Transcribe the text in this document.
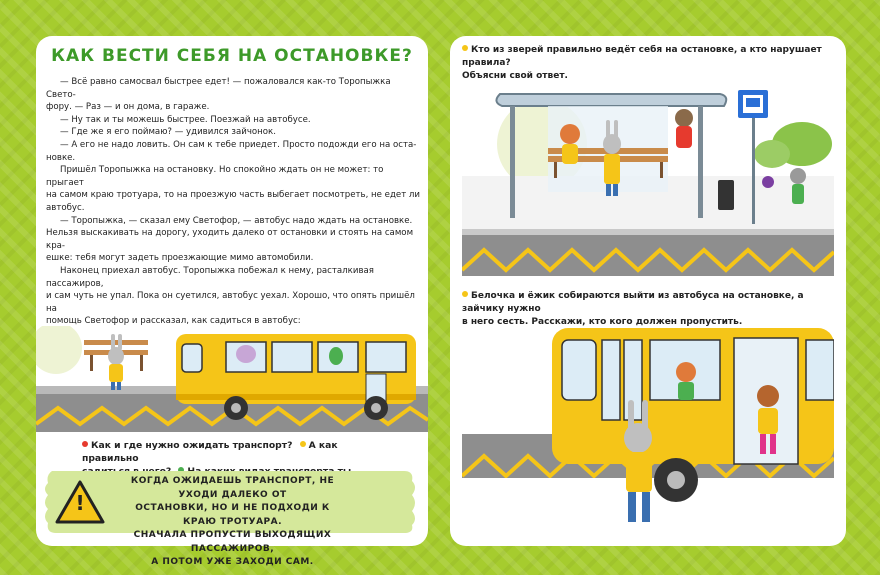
КАК ВЕСТИ СЕБЯ НА ОСТАНОВКЕ?

— Всё равно самосвал быстрее едет! — пожаловался как-то Торопыжка Свето-

фору. — Раз — и он дома, в гараже.

— Ну так и ты можешь быстрее. Поезжай на автобусе.

— Где же я его поймаю? — удивился зайчонок.

— А его не надо ловить. Он сам к тебе приедет. Просто подожди его на оста-

новке.

Пришёл Торопыжка на остановку. Но спокойно ждать он не может: то прыгает

на самом краю тротуара, то на проезжую часть выбегает посмотреть, не едет ли

автобус.

— Торопыжка, — сказал ему Светофор, — автобус надо ждать на остановке.

Нельзя выскакивать на дорогу, уходить далеко от остановки и стоять на самом кра-

ешке: тебя могут задеть проезжающие мимо автомобили.

Наконец приехал автобус. Торопыжка побежал к нему, расталкивая пассажиров,

и сам чуть не упал. Пока он суетился, автобус уехал. Хорошо, что опять пришёл на

помощь Светофор и рассказал, как садиться в автобус:

Как и где нужно ожидать транспорт? А как правильно

!
КОГДА ОЖИДАЕШЬ ТРАНСПОРТ, НЕ УХОДИ ДАЛЕКО ОТ
ОСТАНОВКИ, НО И НЕ ПОДХОДИ К КРАЮ ТРОТУАРА.
СНАЧАЛА ПРОПУСТИ ВЫХОДЯЩИХ ПАССАЖИРОВ,
А ПОТОМ УЖЕ ЗАХОДИ САМ.
Кто из зверей правильно ведёт себя на остановке, а кто нарушает правила?
Объясни свой ответ.
Белочка и ёжик собираются выйти из автобуса на остановке, а зайчику нужно
в него сесть. Расскажи, кто кого должен пропустить.
